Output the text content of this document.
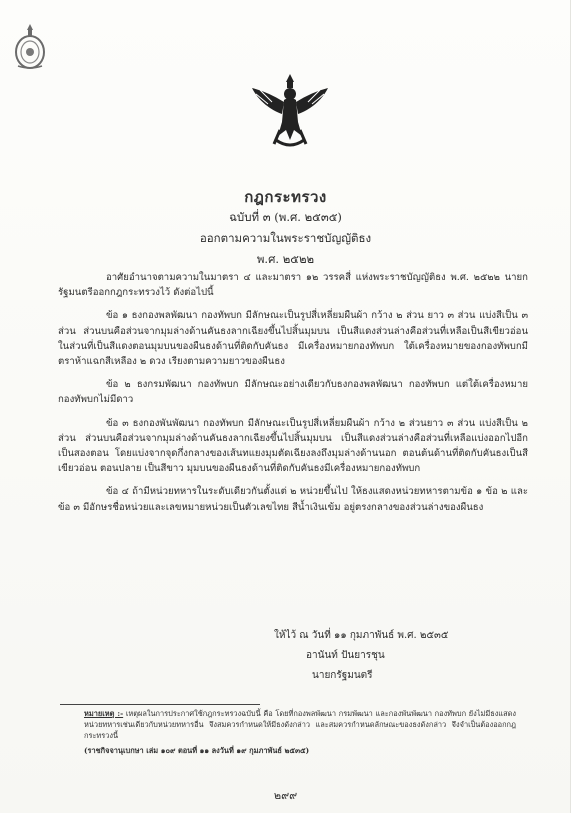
กฎกระทรวง
ฉบับที่ ๓ (พ.ศ. ๒๕๓๕)
ออกตามความในพระราชบัญญัติธง
พ.ศ. ๒๕๒๒

อาศัยอำนาจตามความในมาตรา ๔ และมาตรา ๑๒ วรรคสี่ แห่งพระราชบัญญัติธง พ.ศ. ๒๕๒๒ นายกรัฐมนตรีออกกฎกระทรวงไว้ ดังต่อไปนี้

ข้อ ๑ ธงกองพลพัฒนา กองทัพบก มีลักษณะเป็นรูปสี่เหลี่ยมผืนผ้า กว้าง ๒ ส่วน ยาว ๓ ส่วน แบ่งสีเป็น ๓ ส่วน ส่วนบนคือส่วนจากมุมล่างด้านคันธงลากเฉียงขึ้นไปสิ้นมุมบน เป็นสีแดงส่วนล่างคือส่วนที่เหลือเป็นสีเขียวอ่อน ในส่วนที่เป็นสีแดงตอนมุมบนของผืนธงด้านที่ติดกับคันธง มีเครื่องหมายกองทัพบก ใต้เครื่องหมายของกองทัพบกมีตราห้าแฉกสีเหลือง ๒ ดวง เรียงตามความยาวของผืนธง

ข้อ ๒ ธงกรมพัฒนา กองทัพบก มีลักษณะอย่างเดียวกับธงกองพลพัฒนา กองทัพบก แต่ใต้เครื่องหมายกองทัพบกไม่มีดาว

ข้อ ๓ ธงกองพันพัฒนา กองทัพบก มีลักษณะเป็นรูปสี่เหลี่ยมผืนผ้า กว้าง ๒ ส่วนยาว ๓ ส่วน แบ่งสีเป็น ๒ ส่วน ส่วนบนคือส่วนจากมุมล่างด้านคันธงลากเฉียงขึ้นไปสิ้นมุมบน เป็นสีแดงส่วนล่างคือส่วนที่เหลือแบ่งออกไปอีกเป็นสองตอน โดยแบ่งจากจุดกึ่งกลางของเส้นทแยงมุมตัดเฉียงลงถึงมุมล่างด้านนอก ตอนต้นด้านที่ติดกับคันธงเป็นสีเขียวอ่อน ตอนปลาย เป็นสีขาว มุมบนของผืนธงด้านที่ติดกับคันธงมีเครื่องหมายกองทัพบก

ข้อ ๔ ถ้ามีหน่วยทหารในระดับเดียวกันตั้งแต่ ๒ หน่วยขึ้นไป ให้ธงแสดงหน่วยทหารตามข้อ ๑ ข้อ ๒ และข้อ ๓ มีอักษรชื่อหน่วยและเลขหมายหน่วยเป็นตัวเลขไทย สีน้ำเงินเข้ม อยู่ตรงกลางของส่วนล่างของผืนธง

ให้ไว้ ณ วันที่ ๑๑ กุมภาพันธ์ พ.ศ. ๒๕๓๕
อานันท์ ปันยารชุน
นายกรัฐมนตรี
หมายเหตุ :- เหตุผลในการประกาศใช้กฎกระทรวงฉบับนี้ คือ โดยที่กองพลพัฒนา กรมพัฒนา และกองพันพัฒนา กองทัพบก ยังไม่มีธงแสดงหน่วยทหารเช่นเดียวกับหน่วยทหารอื่น จึงสมควรกำหนดให้มีธงดังกล่าว และสมควรกำหนดลักษณะของธงดังกล่าว จึงจำเป็นต้องออกกฎกระทรวงนี้
(ราชกิจจานุเบกษา เล่ม ๑๐๙ ตอนที่ ๑๑ ลงวันที่ ๑๙ กุมภาพันธ์ ๒๕๓๕)
๒๙๙
